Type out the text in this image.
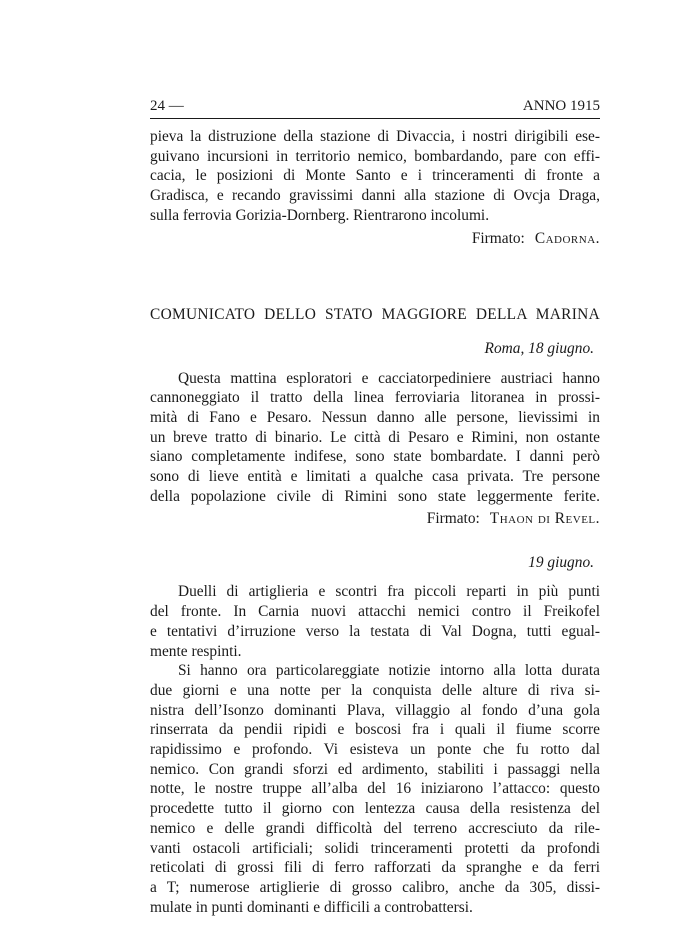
24 —	ANNO 1915
pieva la distruzione della stazione di Divaccia, i nostri dirigibili ese-
guivano incursioni in territorio nemico, bombardando, pare con effi-
cacia, le posizioni di Monte Santo e i trinceramenti di fronte a
Gradisca, e recando gravissimi danni alla stazione di Ovcja Draga,
sulla ferrovia Gorizia-Dornberg. Rientrarono incolumi.
Firmato: Cadorna.
COMUNICATO DELLO STATO MAGGIORE DELLA MARINA
Roma, 18 giugno.
Questa mattina esploratori e cacciatorpediniere austriaci hanno
cannoneggiato il tratto della linea ferroviaria litoranea in prossi-
mità di Fano e Pesaro. Nessun danno alle persone, lievissimi in
un breve tratto di binario. Le città di Pesaro e Rimini, non ostante
siano completamente indifese, sono state bombardate. I danni però
sono di lieve entità e limitati a qualche casa privata. Tre persone
della popolazione civile di Rimini sono state leggermente ferite.
Firmato: Thaon di Revel.
19 giugno.
Duelli di artiglieria e scontri fra piccoli reparti in più punti
del fronte. In Carnia nuovi attacchi nemici contro il Freikofel
e tentativi d’irruzione verso la testata di Val Dogna, tutti egual-
mente respinti.
Si hanno ora particolareggiate notizie intorno alla lotta durata
due giorni e una notte per la conquista delle alture di riva si-
nistra dell’Isonzo dominanti Plava, villaggio al fondo d’una gola
rinserrata da pendii ripidi e boscosi fra i quali il fiume scorre
rapidissimo e profondo. Vi esisteva un ponte che fu rotto dal
nemico. Con grandi sforzi ed ardimento, stabiliti i passaggi nella
notte, le nostre truppe all’alba del 16 iniziarono l’attacco: questo
procedette tutto il giorno con lentezza causa della resistenza del
nemico e delle grandi difficoltà del terreno accresciuto da rile-
vanti ostacoli artificiali; solidi trinceramenti protetti da profondi
reticolati di grossi fili di ferro rafforzati da spranghe e da ferri
a T; numerose artiglierie di grosso calibro, anche da 305, dissi-
mulate in punti dominanti e difficili a controbattersi.
